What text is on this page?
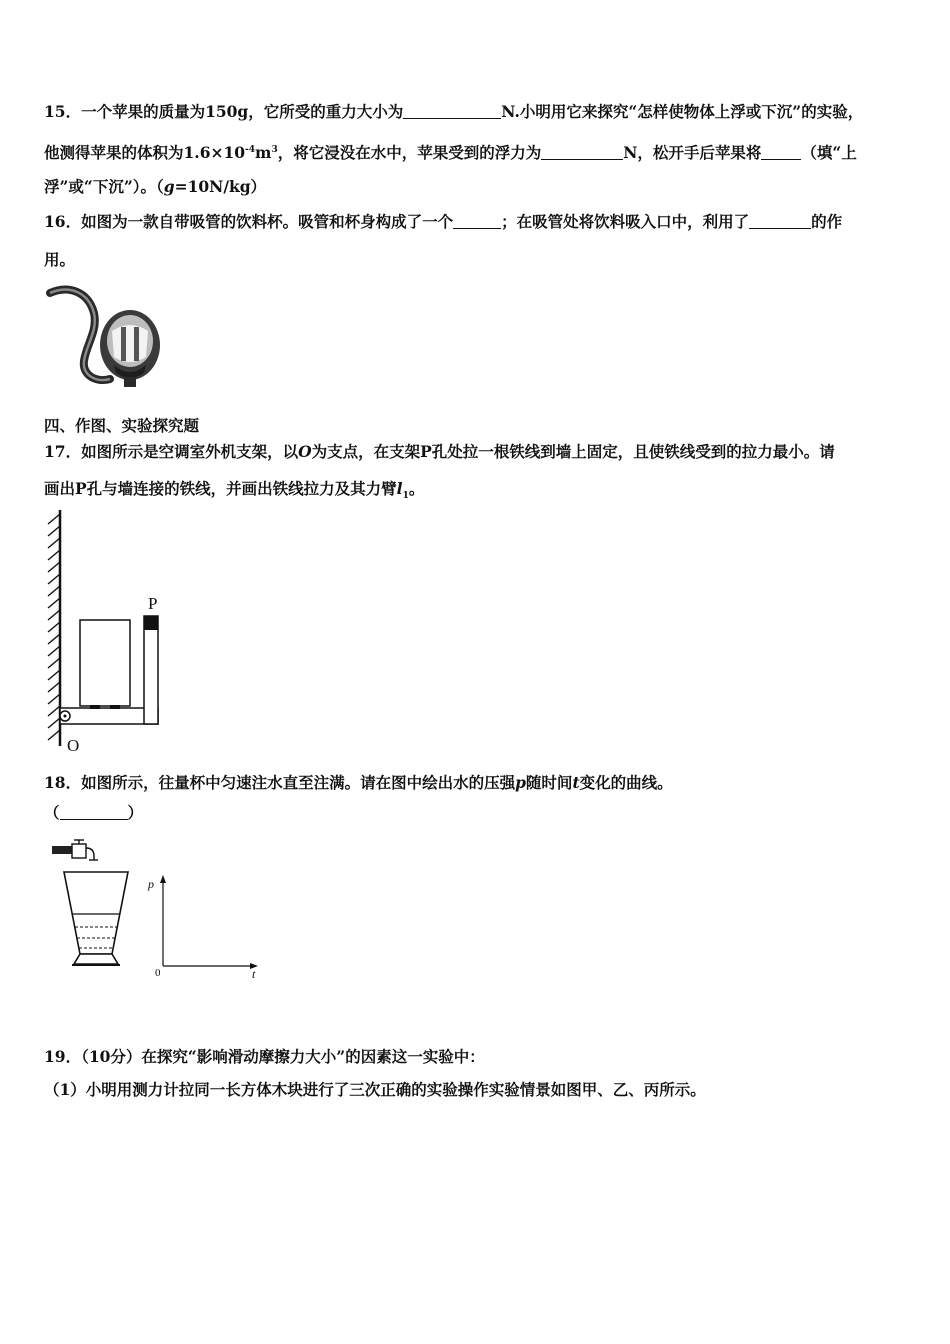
15．一个苹果的质量为150g，它所受的重力大小为	N.小明用它来探究“怎样使物体上浮或下沉”的实验，
他测得苹果的体积为$1.6\times 10^{-4}m^3$，将它浸没在水中，苹果受到的浮力为	N，松开手后苹果将	（填“上
浮”或“下沉”）。（g=10N/kg）
16．如图为一款自带吸管的饮料杯。吸管和杯身构成了一个	；在吸管处将饮料吸入口中，利用了	的作
用。
四、作图、实验探究题
17．如图所示是空调室外机支架，以O为支点，在支架P孔处拉一根铁线到墙上固定，且使铁线受到的拉力最小。请
画出P孔与墙连接的铁线，并画出铁线拉力及其力臂$l_1$。
P
O
18．如图所示，往量杯中匀速注水直至注满。请在图中绘出水的压强p随时间t变化的曲线。
（	）
p
t
0
19．（10分）在探究“影响滑动摩擦力大小”的因素这一实验中：
（1）小明用测力计拉同一长方体木块进行了三次正确的实验操作实验情景如图甲、乙、丙所示。
